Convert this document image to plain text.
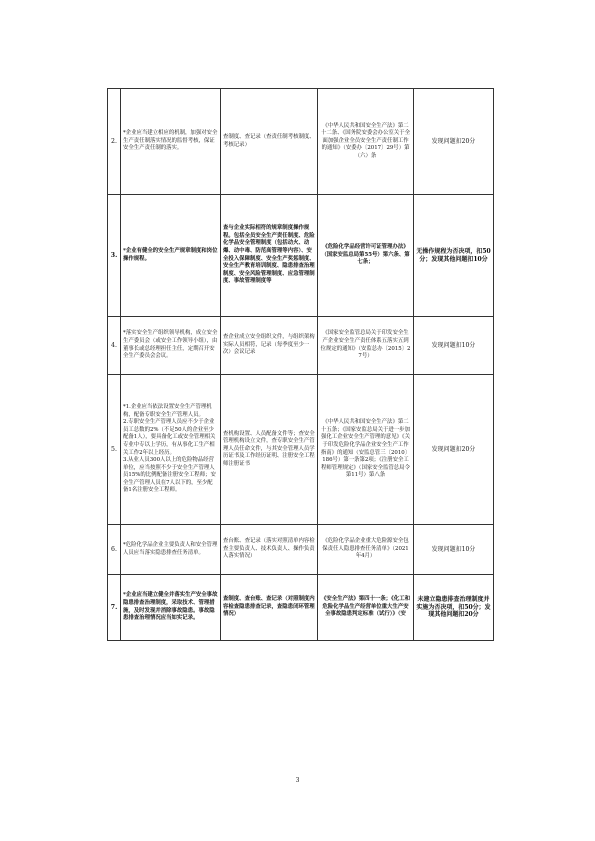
2.	*企业应当建立相应的机制，加强对安全生产责任制落实情况的监督考核，保证安全生产责任制的落实。	查制度、查记录（查责任制考核制度、考核记录）	《中华人民共和国安全生产法》第二十二条、《国务院安委会办公室关于全面加强企业全员安全生产责任制工作的通知》（安委办〔2017〕29号）第（六）条	发现问题扣20分
3.	*企业有健全的安全生产规章制度和岗位操作规程。	查与企业实际相符的规章制度操作规程。包括全员安全生产责任制度、危险化学品安全管理制度（包括动火、动爆、动中毒、防范高管理等内容）、安全投入保障制度、安全生产奖惩制度、安全生产教育培训制度、隐患排查治理制度、安全风险管理制度、应急管理制度、事故管理制度等	《危险化学品经营许可证管理办法》（国家安监总局第55号）第六条、第七条；	无操作规程为否决项，扣50分；发现其他问题扣10分
4.	*落实安全生产组织领导机构，成立安全生产委员会（或安全工作领导小组），由董事长或总经理担任主任，定期召开安全生产委员会会议。	查企业成立安全组织文件，与组织架构实际人员相符，记录（每季度至少一次）会议记录	《国家安全监管总局关于印发安全生产企业安全生产责任体系五落实五到位规定的通知》（安监总办〔2015〕27号）	发现问题扣10分
5.	*1.企业应当依法设置安全生产管理机构，配备专职安全生产管理人员。
2.专职安全生产管理人员应不少于企业员工总数的2%（不足50人的企业至少配备1人），要具备化工或安全管理相关专业中专以上学历，有从事化工生产相关工作2年以上经历。
3.从业人员300人以上的危险物品经营单位，应当按照不少于安全生产管理人员15%的比例配备注册安全工程师；安全生产管理人员在7人以下的，至少配备1名注册安全工程师。	查机构设置、人员配备文件等；查安全管理机构设立文件，查专职安全生产管理人员任命文件，与其安全管理人员学历证书及工作经历证明、注册安全工程师注册证书	《中华人民共和国安全生产法》第二十五条；《国家安监总局关于进一步加强化工企业安全生产管理的意见》《关于印发危险化学品企业安全生产工作指南》的通知（安监总管三〔2010〕186号）第一条第2项；《注册安全工程师管理规定》（国家安全监管总局令第11号）第八条	发现问题扣20分
6.	*危险化学品企业主要负责人和安全管理人员应当落实隐患排查任务清单。	查台账、查记录（落实对照清单内容检查主要负责人、技术负责人、操作负责人落实情况）	《危险化学品企业重大危险源安全包保责任人隐患排查任务清单》（2021年4月）	发现问题扣10分
7.	*企业应当建立健全并落实生产安全事故隐患排查治理制度，采取技术、管理措施，及时发现并消除事故隐患。事故隐患排查治理情况应当如实记录。	查制度、查台账、查记录（对照制度内容检查隐患排查记录，查隐患闭环管理情况）	《安全生产法》第四十一条；《化工和危险化学品生产经营单位重大生产安全事故隐患判定标准（试行）》（安	未建立隐患排查治理制度并实施为否决项，扣50分；发现其他问题扣20分
3
